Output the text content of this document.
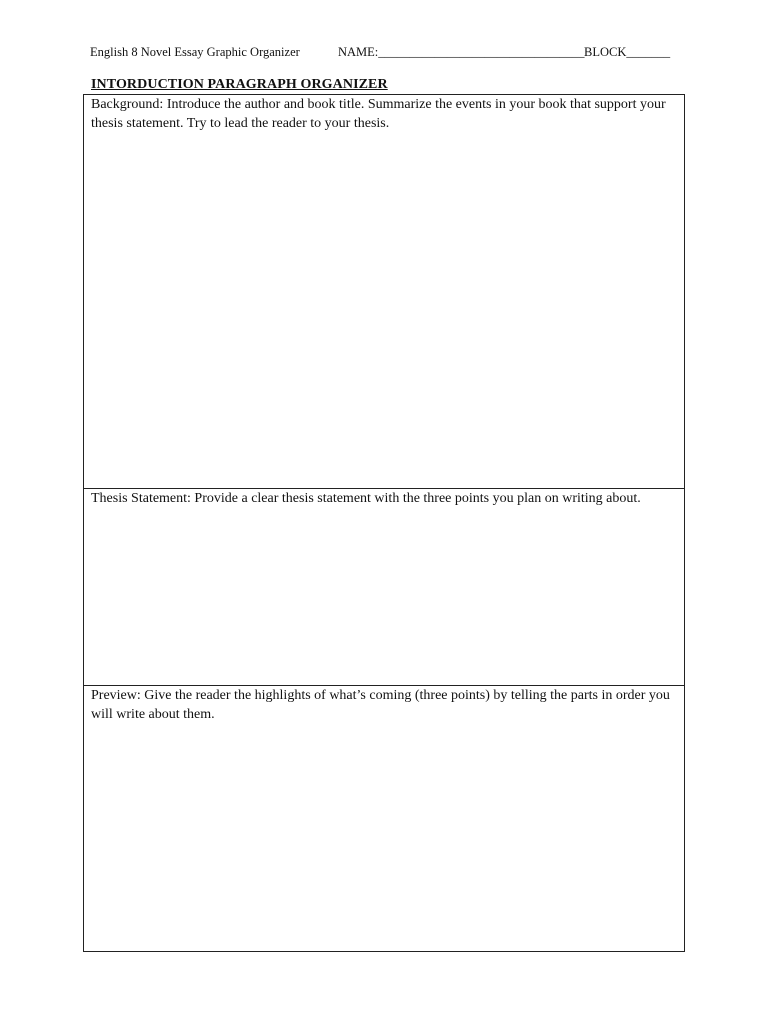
English 8 Novel Essay Graphic Organizer	NAME:_________________________________ BLOCK_______
INTORDUCTION PARAGRAPH ORGANIZER
Background: Introduce the author and book title. Summarize the events in your book that support your thesis statement. Try to lead the reader to your thesis.
Thesis Statement: Provide a clear thesis statement with the three points you plan on writing about.
Preview: Give the reader the highlights of what’s coming (three points) by telling the parts in order you will write about them.
